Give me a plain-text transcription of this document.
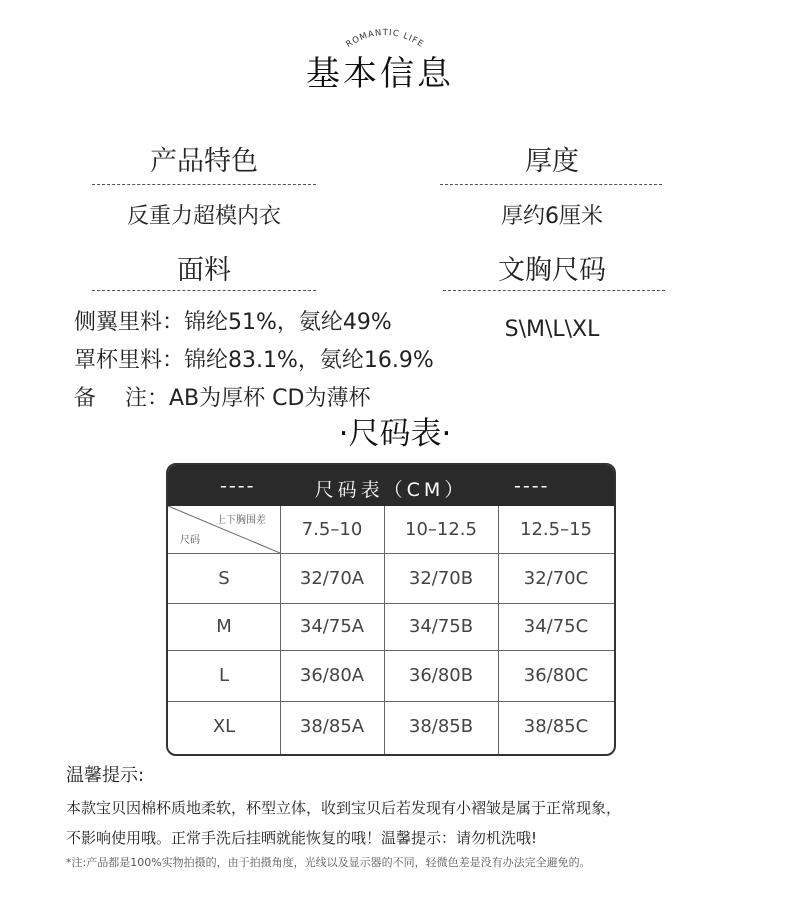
ROMANTIC LIFE
基本信息
产品特色
反重力超模内衣
面料
侧翼里料：锦纶51%，氨纶49%
罩杯里料：锦纶83.1%，氨纶16.9%
备　 注：AB为厚杯 CD为薄杯
厚度
厚约6厘米
文胸尺码
S\M\L\XL
·尺码表·
----	尺码表（CM）	----
上下胸围差
尺码
7.5–10	10–12.5	12.5–15
S	32/70A	32/70B	32/70C
M	34/75A	34/75B	34/75C
L	36/80A	36/80B	36/80C
XL	38/85A	38/85B	38/85C
温馨提示:
本款宝贝因棉杯质地柔软，杯型立体，收到宝贝后若发现有小褶皱是属于正常现象，
不影响使用哦。正常手洗后挂晒就能恢复的哦！温馨提示：请勿机洗哦!
*注:产品都是100%实物拍摄的，由于拍摄角度，光线以及显示器的不同，轻微色差是没有办法完全避免的。
